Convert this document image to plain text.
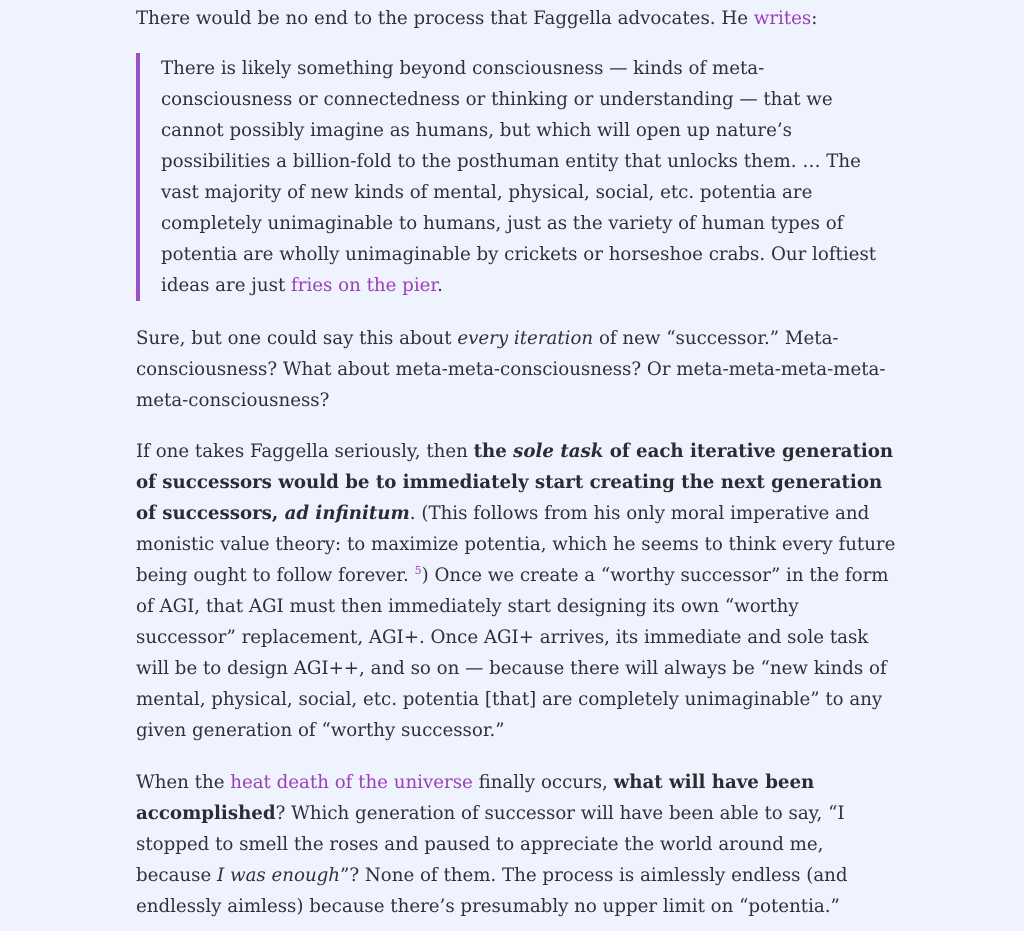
There would be no end to the process that Faggella advocates. He writes:

There is likely something beyond consciousness — kinds of meta-consciousness or connectedness or thinking or understanding — that we cannot possibly imagine as humans, but which will open up nature’s possibilities a billion-fold to the posthuman entity that unlocks them. … The vast majority of new kinds of mental, physical, social, etc. potentia are completely unimaginable to humans, just as the variety of human types of potentia are wholly unimaginable by crickets or horseshoe crabs. Our loftiest ideas are just fries on the pier.

Sure, but one could say this about every iteration of new “successor.” Meta-consciousness? What about meta-meta-consciousness? Or meta-meta-meta-meta-meta-consciousness?

If one takes Faggella seriously, then the sole task of each iterative generation of successors would be to immediately start creating the next generation of successors, ad infinitum. (This follows from his only moral imperative and monistic value theory: to maximize potentia, which he seems to think every future being ought to follow forever. $^5$) Once we create a “worthy successor” in the form of AGI, that AGI must then immediately start designing its own “worthy successor” replacement, AGI+. Once AGI+ arrives, its immediate and sole task will be to design AGI++, and so on — because there will always be “new kinds of mental, physical, social, etc. potentia [that] are completely unimaginable” to any given generation of “worthy successor.”

When the heat death of the universe finally occurs, what will have been accomplished? Which generation of successor will have been able to say, “I stopped to smell the roses and paused to appreciate the world around me, because I was enough”? None of them. The process is aimlessly endless (and endlessly aimless) because there’s presumably no upper limit on “potentia.”
